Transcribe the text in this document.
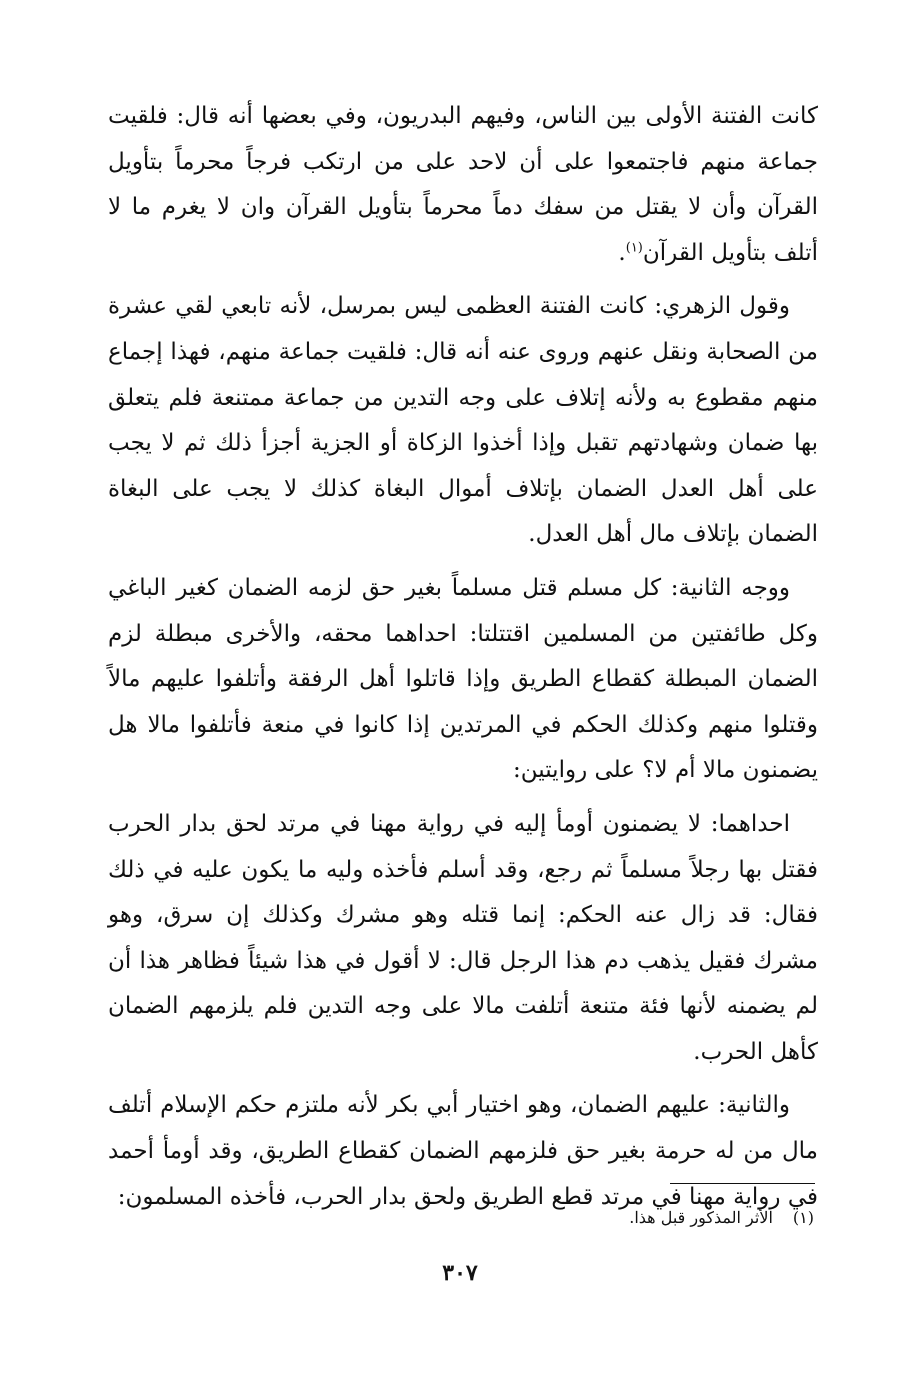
كانت الفتنة الأولى بين الناس، وفيهم البدريون، وفي بعضها أنه قال: فلقيت جماعة منهم فاجتمعوا على أن لاحد على من ارتكب فرجاً محرماً بتأويل القرآن وأن لا يقتل من سفك دماً محرماً بتأويل القرآن وان لا يغرم ما لا أتلف بتأويل القرآن$^{(١)}$.

وقول الزهري: كانت الفتنة العظمى ليس بمرسل، لأنه تابعي لقي عشرة من الصحابة ونقل عنهم وروى عنه أنه قال: فلقيت جماعة منهم، فهذا إجماع منهم مقطوع به ولأنه إتلاف على وجه التدين من جماعة ممتنعة فلم يتعلق بها ضمان وشهادتهم تقبل وإذا أخذوا الزكاة أو الجزية أجزأ ذلك ثم لا يجب على أهل العدل الضمان بإتلاف أموال البغاة كذلك لا يجب على البغاة الضمان بإتلاف مال أهل العدل.

ووجه الثانية: كل مسلم قتل مسلماً بغير حق لزمه الضمان كغير الباغي وكل طائفتين من المسلمين اقتتلتا: احداهما محقه، والأخرى مبطلة لزم الضمان المبطلة كقطاع الطريق وإذا قاتلوا أهل الرفقة وأتلفوا عليهم مالاً وقتلوا منهم وكذلك الحكم في المرتدين إذا كانوا في منعة فأتلفوا مالا هل يضمنون مالا أم لا؟ على روايتين:

احداهما: لا يضمنون أومأ إليه في رواية مهنا في مرتد لحق بدار الحرب فقتل بها رجلاً مسلماً ثم رجع، وقد أسلم فأخذه وليه ما يكون عليه في ذلك فقال: قد زال عنه الحكم: إنما قتله وهو مشرك وكذلك إن سرق، وهو مشرك فقيل يذهب دم هذا الرجل قال: لا أقول في هذا شيئاً فظاهر هذا أن لم يضمنه لأنها فئة متنعة أتلفت مالا على وجه التدين فلم يلزمهم الضمان كأهل الحرب.

والثانية: عليهم الضمان، وهو اختيار أبي بكر لأنه ملتزم حكم الإسلام أتلف مال من له حرمة بغير حق فلزمهم الضمان كقطاع الطريق، وقد أومأ أحمد في رواية مهنا في مرتد قطع الطريق ولحق بدار الحرب، فأخذه المسلمون:

(١)الأثر المذكور قبل هذا.
٣٠٧
